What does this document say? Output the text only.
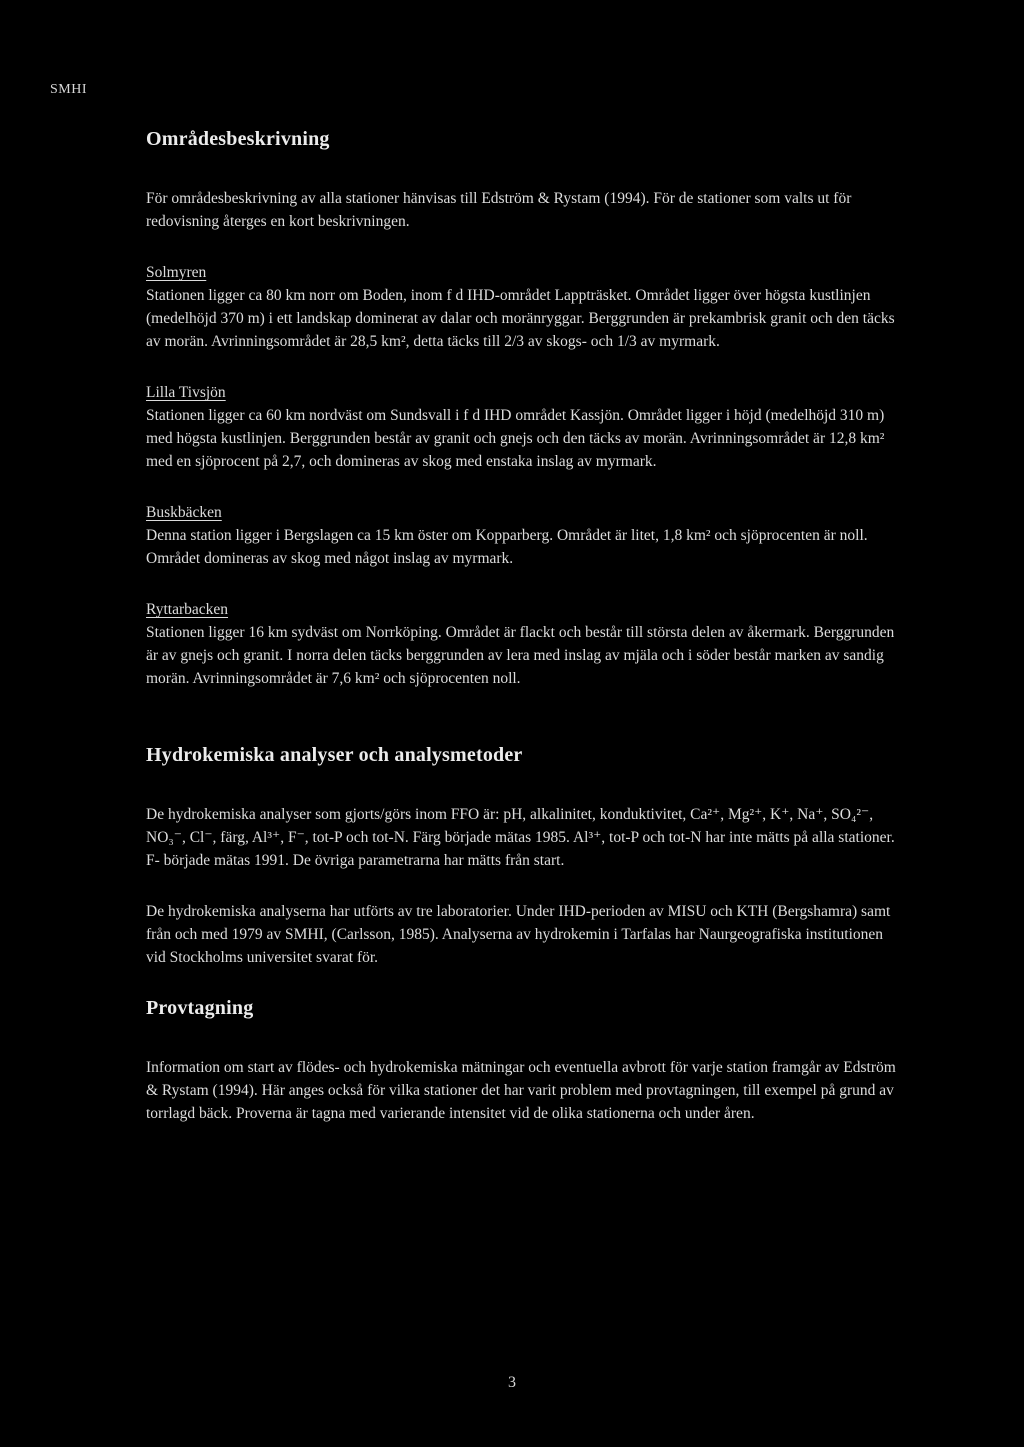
SMHI
Områdesbeskrivning

För områdesbeskrivning av alla stationer hänvisas till Edström & Rystam (1994). För de stationer som valts ut för redovisning återges en kort beskrivningen.

Solmyren
Stationen ligger ca 80 km norr om Boden, inom f d IHD-området Lappträsket. Området ligger över högsta kustlinjen (medelhöjd 370 m) i ett landskap dominerat av dalar och moränryggar. Berggrunden är prekambrisk granit och den täcks av morän. Avrinningsområdet är 28,5 km², detta täcks till 2/3 av skogs- och 1/3 av myrmark.

Lilla Tivsjön
Stationen ligger ca 60 km nordväst om Sundsvall i f d IHD området Kassjön. Området ligger i höjd (medelhöjd 310 m) med högsta kustlinjen. Berggrunden består av granit och gnejs och den täcks av morän. Avrinningsområdet är 12,8 km² med en sjöprocent på 2,7, och domineras av skog med enstaka inslag av myrmark.

Buskbäcken
Denna station ligger i Bergslagen ca 15 km öster om Kopparberg. Området är litet, 1,8 km² och sjöprocenten är noll. Området domineras av skog med något inslag av myrmark.

Ryttarbacken
Stationen ligger 16 km sydväst om Norrköping. Området är flackt och består till största delen av åkermark. Berggrunden är av gnejs och granit. I norra delen täcks berggrunden av lera med inslag av mjäla och i söder består marken av sandig morän. Avrinningsområdet är 7,6 km² och sjöprocenten noll.

Hydrokemiska analyser och analysmetoder

De hydrokemiska analyser som gjorts/görs inom FFO är: pH, alkalinitet, konduktivitet, Ca²⁺, Mg²⁺, K⁺, Na⁺, SO₄²⁻, NO₃⁻, Cl⁻, färg, Al³⁺, F⁻, tot-P och tot-N. Färg började mätas 1985. Al³⁺, tot-P och tot-N har inte mätts på alla stationer. F- började mätas 1991. De övriga parametrarna har mätts från start.

De hydrokemiska analyserna har utförts av tre laboratorier. Under IHD-perioden av MISU och KTH (Bergshamra) samt från och med 1979 av SMHI, (Carlsson, 1985). Analyserna av hydrokemin i Tarfalas har Naurgeografiska institutionen vid Stockholms universitet svarat för.

Provtagning

Information om start av flödes- och hydrokemiska mätningar och eventuella avbrott för varje station framgår av Edström & Rystam (1994). Här anges också för vilka stationer det har varit problem med provtagningen, till exempel på grund av torrlagd bäck. Proverna är tagna med varierande intensitet vid de olika stationerna och under åren.

3
